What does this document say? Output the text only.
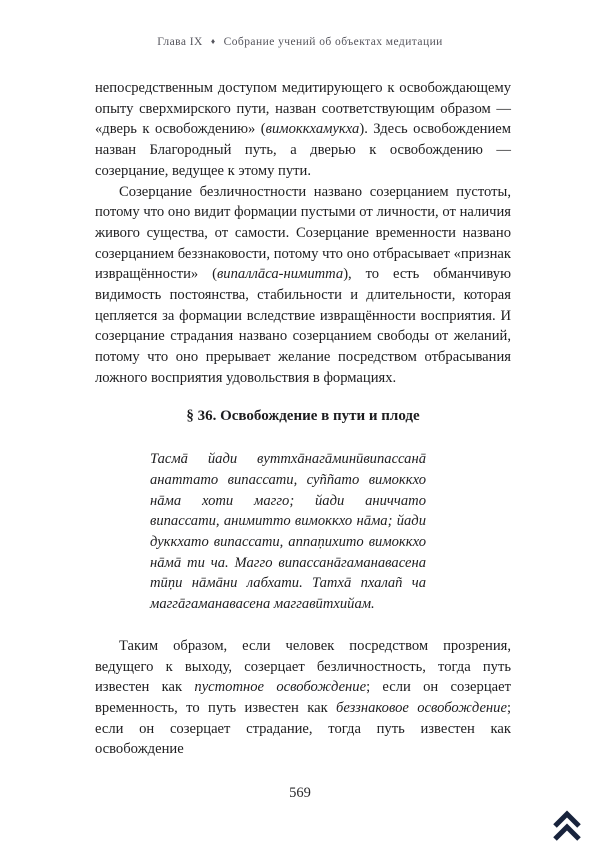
Глава IX ♦ Собрание учений об объектах медитации

непосредственным доступом медитирующего к освобождающему опыту сверхмирского пути, назван соответствующим образом — «дверь к освобождению» (вимоккхамукха). Здесь освобождением назван Благородный путь, а дверью к освобождению — созерцание, ведущее к этому пути.

Созерцание безличностности названо созерцанием пустоты, потому что оно видит формации пустыми от личности, от наличия живого существа, от самости. Созерцание временности названо созерцанием беззнаковости, потому что оно отбрасывает «признак извращённости» (випаллāса-нимитта), то есть обманчивую видимость постоянства, стабильности и длительности, которая цепляется за формации вследствие извращённости восприятия. И созерцание страдания названо созерцанием свободы от желаний, потому что оно прерывает желание посредством отбрасывания ложного восприятия удовольствия в формациях.

§ 36. Освобождение в пути и плоде

Тасмā йади вуттхāнагāминӣвипассанā анаттато випассати, суññато вимоккхо нāма хоти магго; йади аниччато випассати, анимитто вимоккхо нāма; йади дуккхато випассати, аппаṇихито вимоккхо нāмā ти ча. Магго випассанāгаманавасена тӣṇи нāмāни лабхати. Татхā пхалañ ча маггāгаманавасена маггавӣтхийам.

Таким образом, если человек посредством прозрения, ведущего к выходу, созерцает безличностность, тогда путь известен как пустотное освобождение; если он созерцает временность, то путь известен как беззнаковое освобождение; если он созерцает страдание, тогда путь известен как освобождение

569
